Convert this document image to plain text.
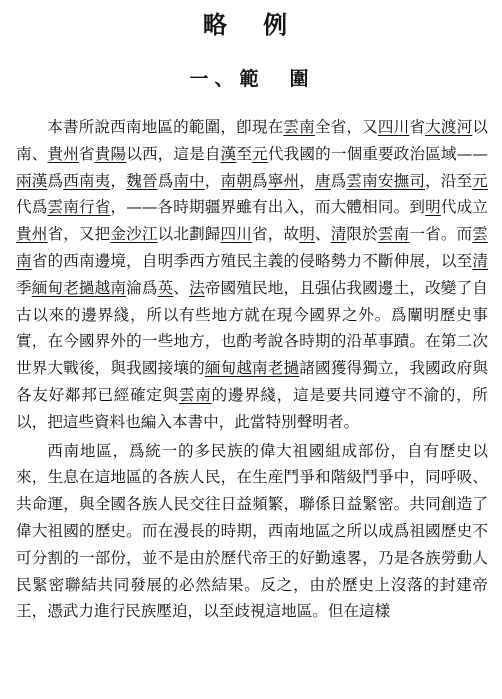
略 例
一、範　圍

本書所說西南地區的範圍，卽現在雲南全省，又四川省大渡河以南、貴州省貴陽以西，這是自漢至元代我國的一個重要政治區域——兩漢爲西南夷，魏晉爲南中，南朝爲寧州，唐爲雲南安撫司，沿至元代爲雲南行省，——各時期疆界雖有出入，而大體相同。到明代成立貴州省，又把金沙江以北劃歸四川省，故明、清限於雲南一省。而雲南省的西南邊境，自明季西方殖民主義的侵略勢力不斷伸展，以至清季緬甸老撾越南淪爲英、法帝國殖民地，且强佔我國邊土，改變了自古以來的邊界綫，所以有些地方就在現今國界之外。爲闡明歷史事實，在今國界外的一些地方，也酌考說各時期的沿革事蹟。在第二次世界大戰後，與我國接壤的緬甸越南老撾諸國獲得獨立，我國政府與各友好鄰邦已經確定與雲南的邊界綫，這是要共同遵守不渝的，所以，把這些資料也編入本書中，此當特別聲明者。

西南地區，爲統一的多民族的偉大祖國組成部份，自有歷史以來，生息在這地區的各族人民，在生産鬥爭和階級鬥爭中，同呼吸、共命運，與全國各族人民交往日益頻繁，聯係日益緊密。共同創造了偉大祖國的歷史。而在漫長的時期，西南地區之所以成爲祖國歷史不可分割的一部份，並不是由於歷代帝王的好勤遠畧，乃是各族勞動人民緊密聯結共同發展的必然結果。反之，由於歷史上沒落的封建帝王，憑武力進行民族壓迫，以至歧視這地區。但在這樣
